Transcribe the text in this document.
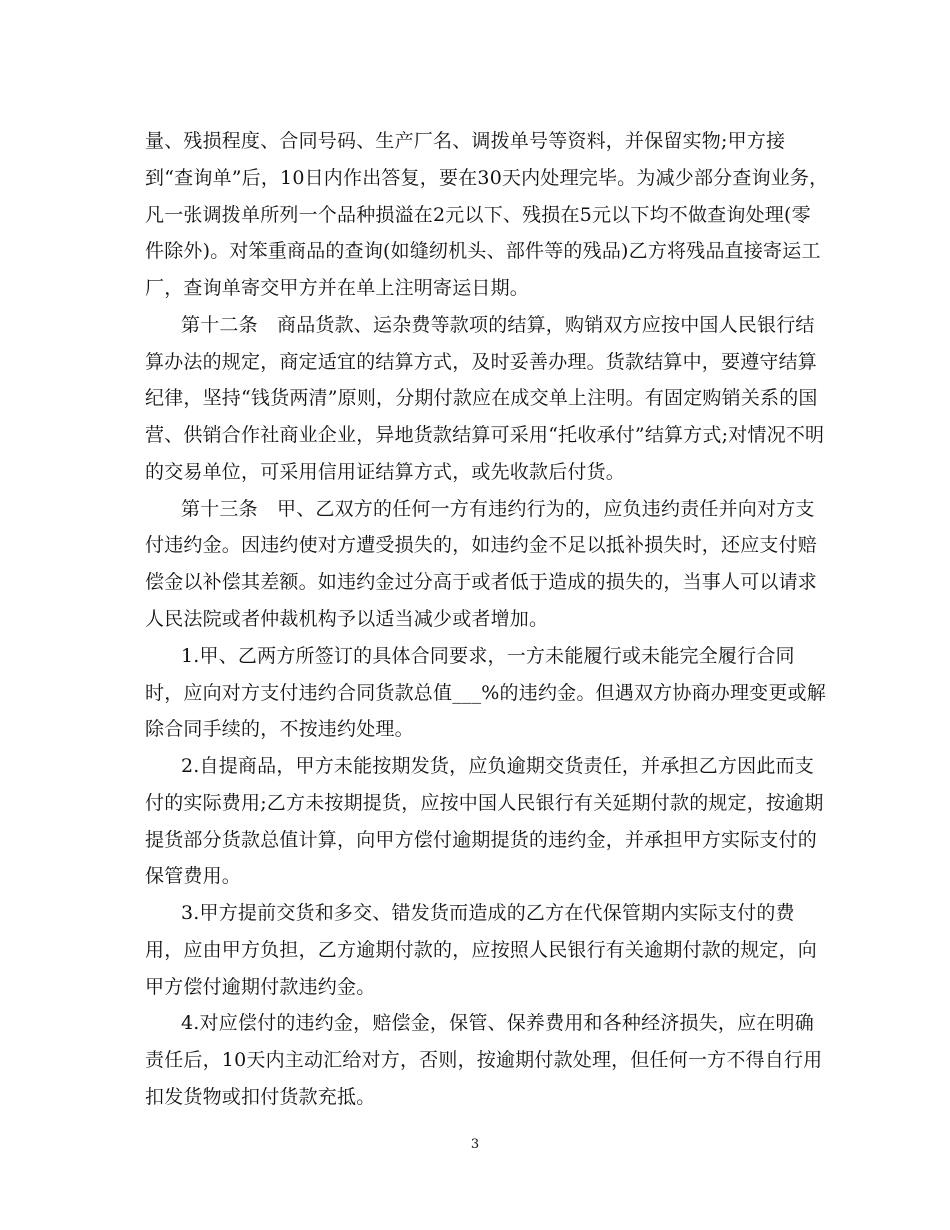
量、残损程度、合同号码、生产厂名、调拨单号等资料，并保留实物;甲方接
到“查询单”后，10日内作出答复，要在30天内处理完毕。为减少部分查询业务，
凡一张调拨单所列一个品种损溢在2元以下、残损在5元以下均不做查询处理(零
件除外)。对笨重商品的查询(如缝纫机头、部件等的残品)乙方将残品直接寄运工
厂，查询单寄交甲方并在单上注明寄运日期。
第十二条　商品货款、运杂费等款项的结算，购销双方应按中国人民银行结
算办法的规定，商定适宜的结算方式，及时妥善办理。货款结算中，要遵守结算
纪律，坚持“钱货两清”原则，分期付款应在成交单上注明。有固定购销关系的国
营、供销合作社商业企业，异地货款结算可采用“托收承付”结算方式;对情况不明
的交易单位，可采用信用证结算方式，或先收款后付货。
第十三条　甲、乙双方的任何一方有违约行为的，应负违约责任并向对方支
付违约金。因违约使对方遭受损失的，如违约金不足以抵补损失时，还应支付赔
偿金以补偿其差额。如违约金过分高于或者低于造成的损失的，当事人可以请求
人民法院或者仲裁机构予以适当减少或者增加。
1.甲、乙两方所签订的具体合同要求，一方未能履行或未能完全履行合同
时，应向对方支付违约合同货款总值___%的违约金。但遇双方协商办理变更或解
除合同手续的，不按违约处理。
2.自提商品，甲方未能按期发货，应负逾期交货责任，并承担乙方因此而支
付的实际费用;乙方未按期提货，应按中国人民银行有关延期付款的规定，按逾期
提货部分货款总值计算，向甲方偿付逾期提货的违约金，并承担甲方实际支付的
保管费用。
3.甲方提前交货和多交、错发货而造成的乙方在代保管期内实际支付的费
用，应由甲方负担，乙方逾期付款的，应按照人民银行有关逾期付款的规定，向
甲方偿付逾期付款违约金。
4.对应偿付的违约金，赔偿金，保管、保养费用和各种经济损失，应在明确
责任后，10天内主动汇给对方，否则，按逾期付款处理，但任何一方不得自行用
扣发货物或扣付货款充抵。
3
